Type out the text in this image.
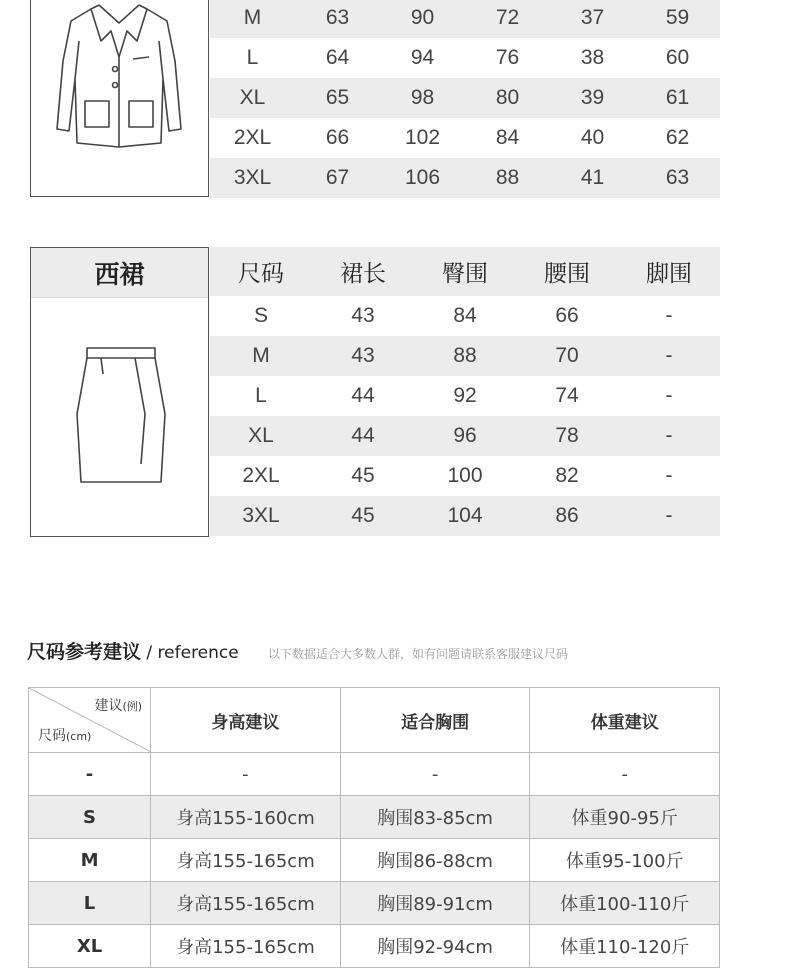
M	63	90	72	37	59
L	64	94	76	38	60
XL	65	98	80	39	61
2XL	66	102	84	40	62
3XL	67	106	88	41	63
西裙	尺码	裙长	臀围	腰围	脚围
S	43	84	66	-
M	43	88	70	-
L	44	92	74	-
XL	44	96	78	-
2XL	45	100	82	-
3XL	45	104	86	-
尺码参考建议 / reference 以下数据适合大多数人群，如有问题请联系客服建议尺码
建议(例)
尺码(cm)	身高建议	适合胸围	体重建议
-	-	-	-
S	身高155-160cm	胸围83-85cm	体重90-95斤
M	身高155-165cm	胸围86-88cm	体重95-100斤
L	身高155-165cm	胸围89-91cm	体重100-110斤
XL	身高155-165cm	胸围92-94cm	体重110-120斤
